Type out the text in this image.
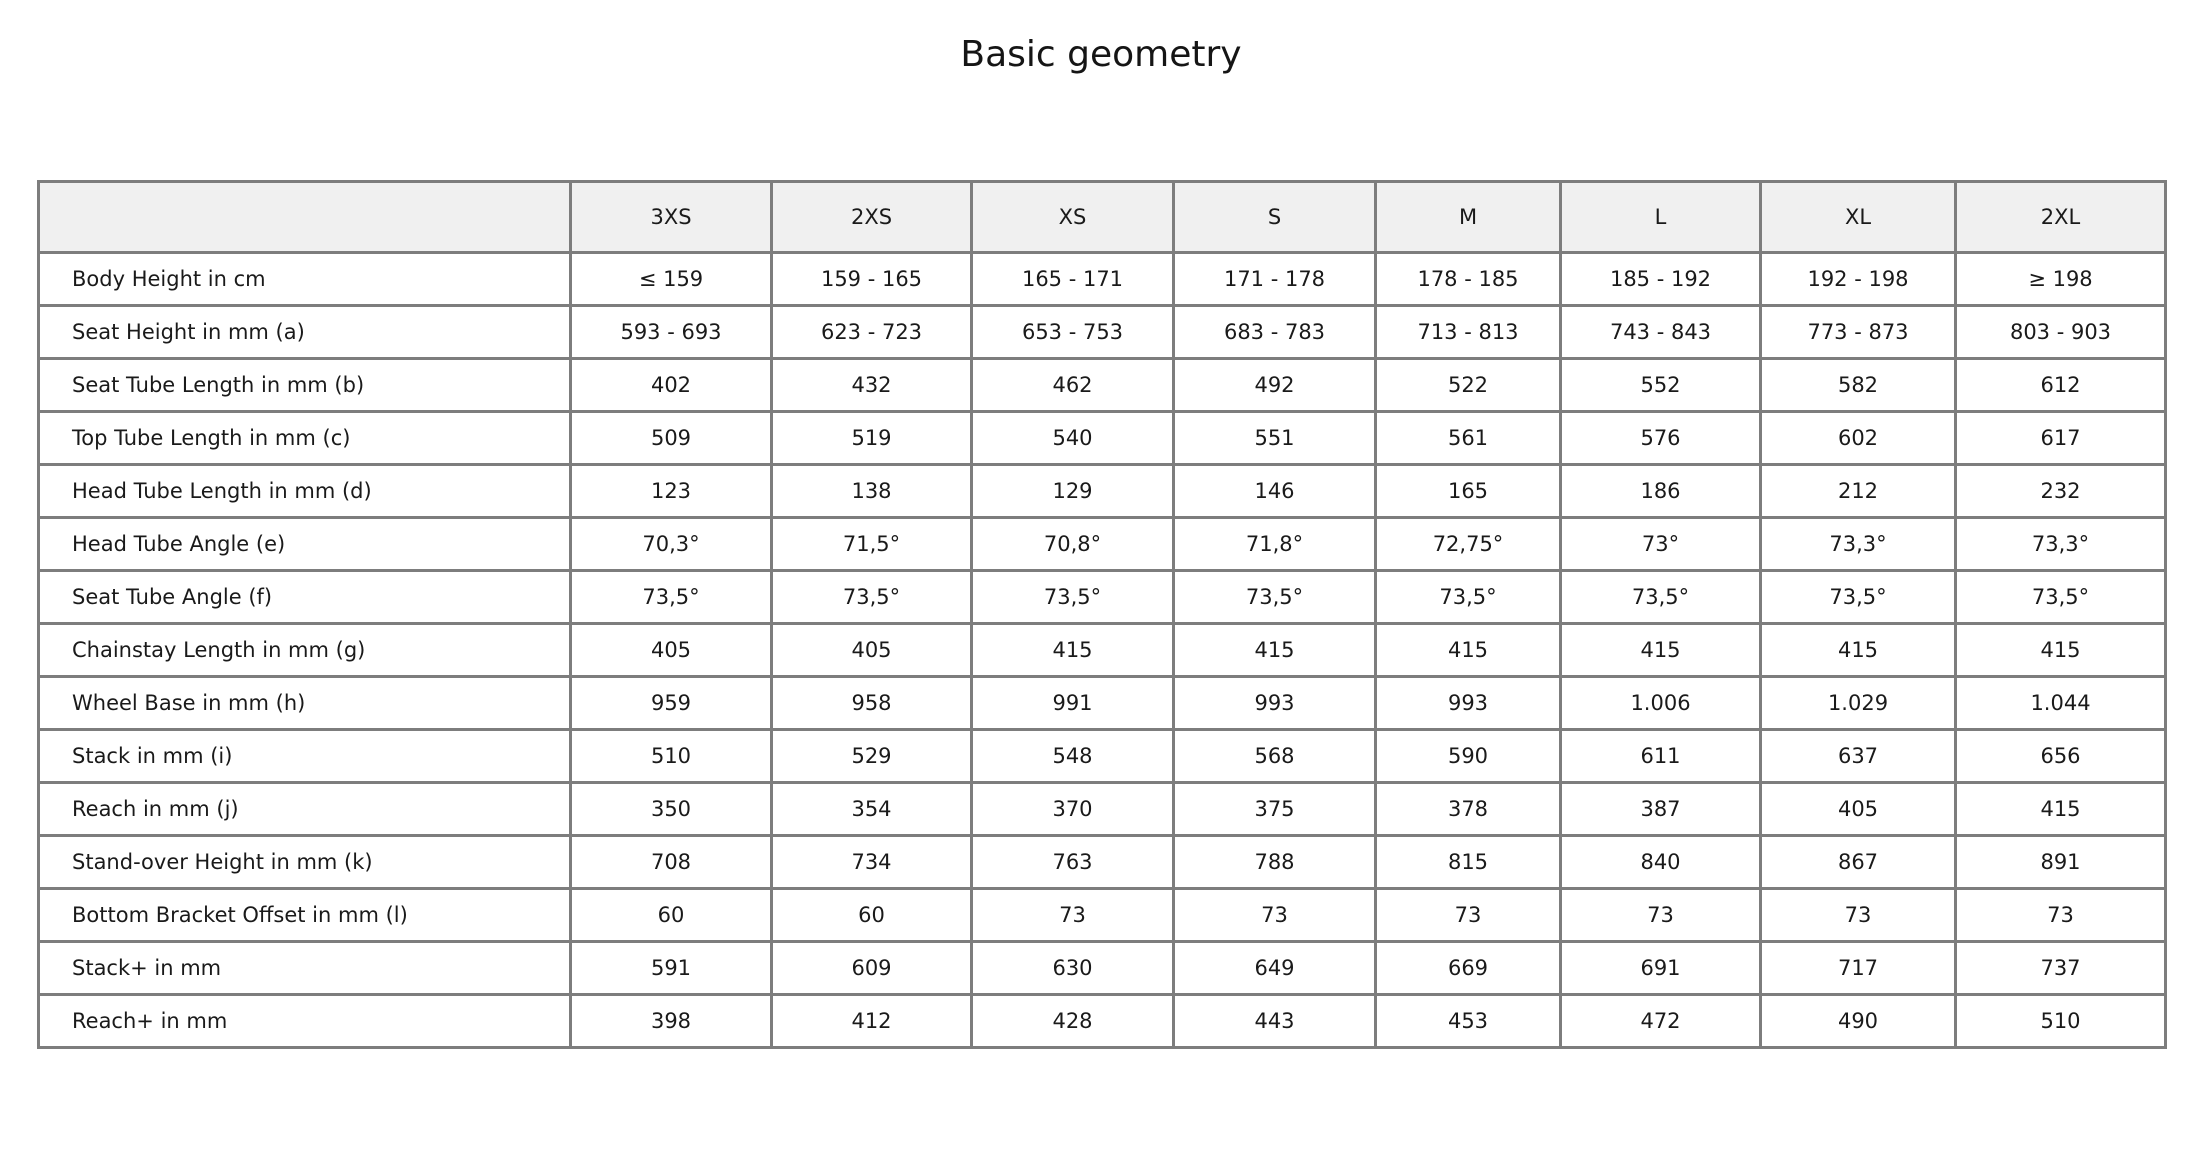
Basic geometry
	3XS	2XS	XS	S	M	L	XL	2XL
Body Height in cm	≤ 159	159 - 165	165 - 171	171 - 178	178 - 185	185 - 192	192 - 198	≥ 198
Seat Height in mm (a)	593 - 693	623 - 723	653 - 753	683 - 783	713 - 813	743 - 843	773 - 873	803 - 903
Seat Tube Length in mm (b)	402	432	462	492	522	552	582	612
Top Tube Length in mm (c)	509	519	540	551	561	576	602	617
Head Tube Length in mm (d)	123	138	129	146	165	186	212	232
Head Tube Angle (e)	70,3°	71,5°	70,8°	71,8°	72,75°	73°	73,3°	73,3°
Seat Tube Angle (f)	73,5°	73,5°	73,5°	73,5°	73,5°	73,5°	73,5°	73,5°
Chainstay Length in mm (g)	405	405	415	415	415	415	415	415
Wheel Base in mm (h)	959	958	991	993	993	1.006	1.029	1.044
Stack in mm (i)	510	529	548	568	590	611	637	656
Reach in mm (j)	350	354	370	375	378	387	405	415
Stand-over Height in mm (k)	708	734	763	788	815	840	867	891
Bottom Bracket Offset in mm (l)	60	60	73	73	73	73	73	73
Stack+ in mm	591	609	630	649	669	691	717	737
Reach+ in mm	398	412	428	443	453	472	490	510
